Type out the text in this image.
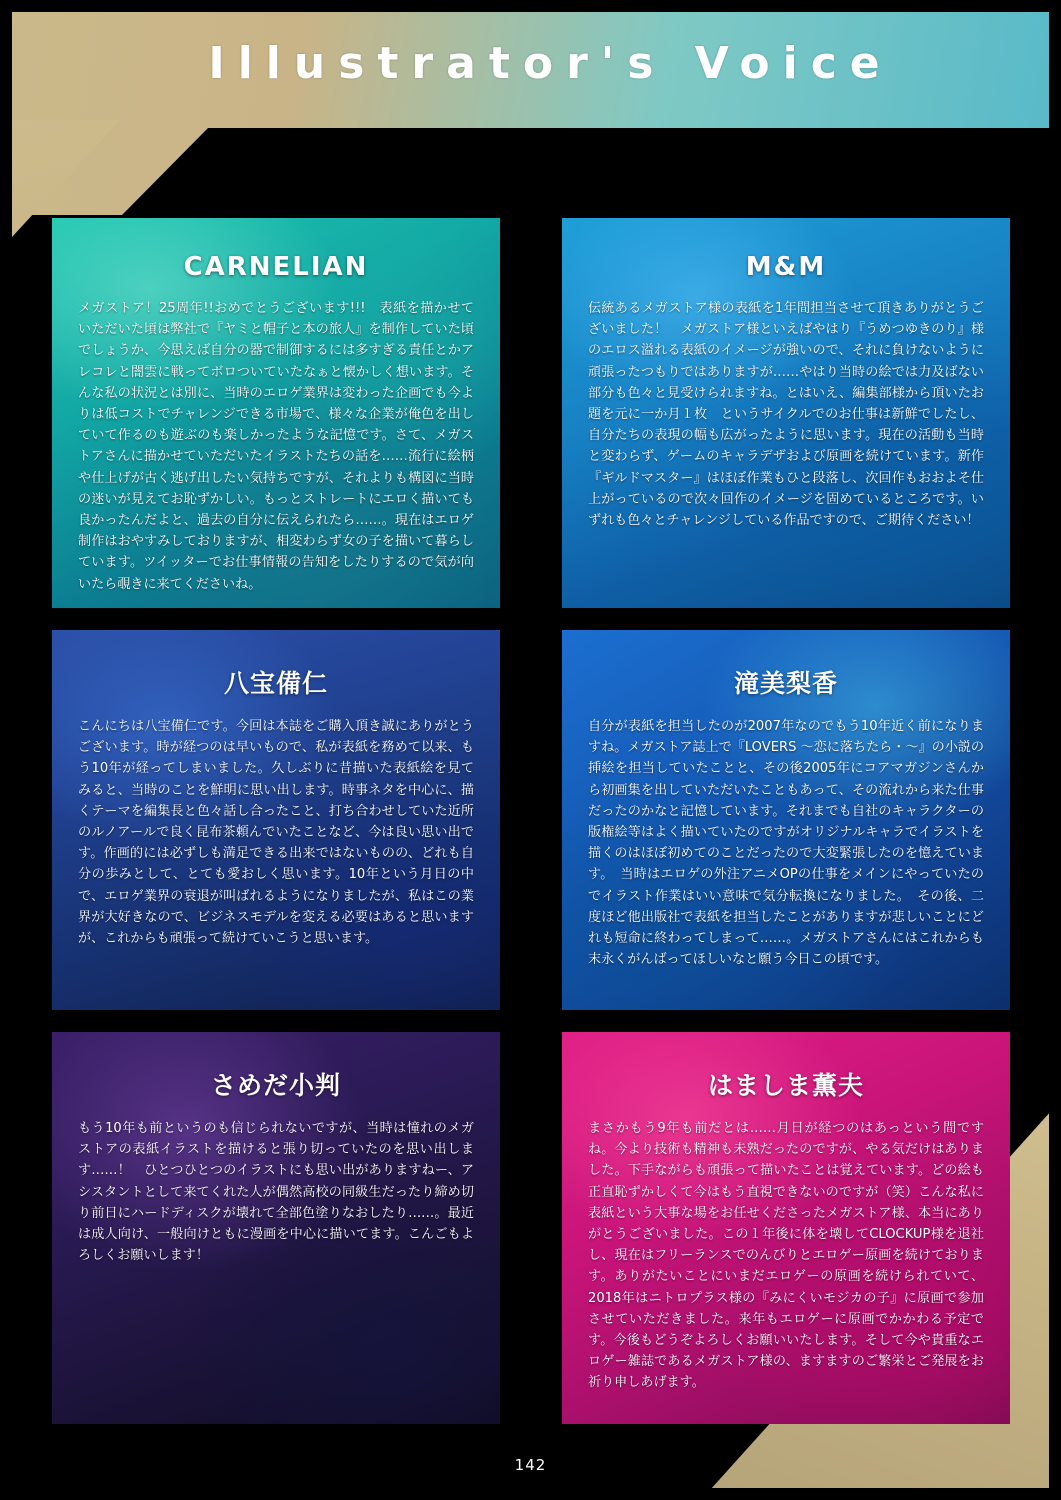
Illustrator's Voice
CARNELIAN
メガストア！25周年!!おめでとうございます!!!　表紙を描かせていただいた頃は弊社で『ヤミと帽子と本の旅人』を制作していた頃でしょうか、今思えば自分の器で制御するには多すぎる責任とかアレコレと闇雲に戦ってボロついていたなぁと懐かしく想います。そんな私の状況とは別に、当時のエロゲ業界は変わった企画でも今よりは低コストでチャレンジできる市場で、様々な企業が俺色を出していて作るのも遊ぶのも楽しかったような記憶です。さて、メガストアさんに描かせていただいたイラストたちの話を……流行に絵柄や仕上げが古く逃げ出したい気持ちですが、それよりも構図に当時の迷いが見えてお恥ずかしい。もっとストレートにエロく描いても良かったんだよと、過去の自分に伝えられたら……。現在はエロゲ制作はおやすみしておりますが、相変わらず女の子を描いて暮らしています。ツイッターでお仕事情報の告知をしたりするので気が向いたら覗きに来てくださいね。
M&M
伝統あるメガストア様の表紙を1年間担当させて頂きありがとうございました！　メガストア様といえばやはり『うめつゆきのり』様のエロス溢れる表紙のイメージが強いので、それに負けないように頑張ったつもりではありますが……やはり当時の絵では力及ばない部分も色々と見受けられますね。とはいえ、編集部様から頂いたお題を元に一か月１枚　というサイクルでのお仕事は新鮮でしたし、自分たちの表現の幅も広がったように思います。現在の活動も当時と変わらず、ゲームのキャラデザおよび原画を続けています。新作『ギルドマスター』はほぼ作業もひと段落し、次回作もおおよそ仕上がっているので次々回作のイメージを固めているところです。いずれも色々とチャレンジしている作品ですので、ご期待ください！
八宝備仁
こんにちは八宝備仁です。今回は本誌をご購入頂き誠にありがとうございます。時が経つのは早いもので、私が表紙を務めて以来、もう10年が経ってしまいました。久しぶりに昔描いた表紙絵を見てみると、当時のことを鮮明に思い出します。時事ネタを中心に、描くテーマを編集長と色々話し合ったこと、打ち合わせしていた近所のルノアールで良く昆布茶頼んでいたことなど、今は良い思い出です。作画的には必ずしも満足できる出来ではないものの、どれも自分の歩みとして、とても愛おしく思います。10年という月日の中で、エロゲ業界の衰退が叫ばれるようになりましたが、私はこの業界が大好きなので、ビジネスモデルを変える必要はあると思いますが、これからも頑張って続けていこうと思います。
滝美梨香
自分が表紙を担当したのが2007年なのでもう10年近く前になりますね。メガストア誌上で『LOVERS ～恋に落ちたら・～』の小説の挿絵を担当していたことと、その後2005年にコアマガジンさんから初画集を出していただいたこともあって、その流れから来た仕事だったのかなと記憶しています。それまでも自社のキャラクターの版権絵等はよく描いていたのですがオリジナルキャラでイラストを描くのはほぼ初めてのことだったので大変緊張したのを憶えています。　当時はエロゲの外注アニメOPの仕事をメインにやっていたのでイラスト作業はいい意味で気分転換になりました。　その後、二度ほど他出版社で表紙を担当したことがありますが悲しいことにどれも短命に終わってしまって……。メガストアさんにはこれからも末永くがんばってほしいなと願う今日この頃です。
さめだ小判
もう10年も前というのも信じられないですが、当時は憧れのメガストアの表紙イラストを描けると張り切っていたのを思い出します……！　ひとつひとつのイラストにも思い出がありますねー、アシスタントとして来てくれた人が偶然高校の同級生だったり締め切り前日にハードディスクが壊れて全部色塗りなおしたり……。最近は成人向け、一般向けともに漫画を中心に描いてます。こんごもよろしくお願いします！
はましま薫夫
まさかもう9年も前だとは……月日が経つのはあっという間ですね。今より技術も精神も未熟だったのですが、やる気だけはありました。下手ながらも頑張って描いたことは覚えています。どの絵も正直恥ずかしくて今はもう直視できないのですが（笑）こんな私に表紙という大事な場をお任せくださったメガストア様、本当にありがとうございました。この１年後に体を壊してCLOCKUP様を退社し、現在はフリーランスでのんびりとエロゲー原画を続けております。ありがたいことにいまだエロゲーの原画を続けられていて、2018年はニトロプラス様の『みにくいモジカの子』に原画で参加させていただきました。来年もエロゲーに原画でかかわる予定です。今後もどうぞよろしくお願いいたします。そして今や貴重なエロゲー雑誌であるメガストア様の、ますますのご繁栄とご発展をお祈り申しあげます。
142
